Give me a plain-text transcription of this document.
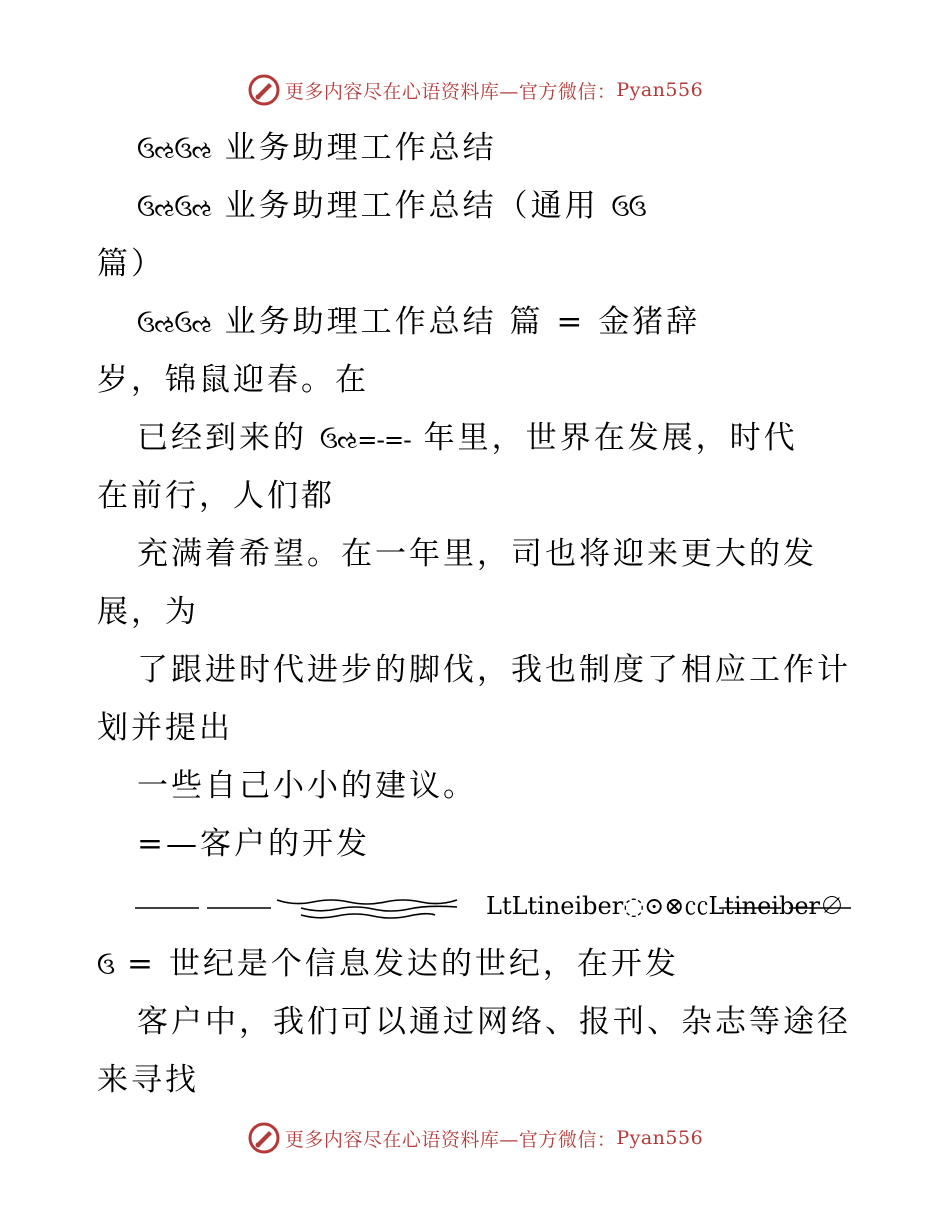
更多内容尽在心语资料库—官方微信： Pyan556
ઉઌઉઌ 业务助理工作总结
ઉઌઉઌ 业务助理工作总结（通用 ઉઉ
篇）
ઉઌઉઌ 业务助理工作总结 篇 = 金猪辞
岁，锦鼠迎春。在
已经到来的 ઉઌ=-=- 年里，世界在发展，时代
在前行，人们都
充满着希望。在一年里，司也将迎来更大的发
展，为
了跟进时代进步的脚伐，我也制度了相应工作计
划并提出
一些自己小小的建议。
=—客户的开发
LtLtineiber◌⊙⊗㏄Ltineiber∅
ઉ = 世纪是个信息发达的世纪，在开发
客户中，我们可以通过网络、报刊、杂志等途径
来寻找
更多内容尽在心语资料库—官方微信： Pyan556
